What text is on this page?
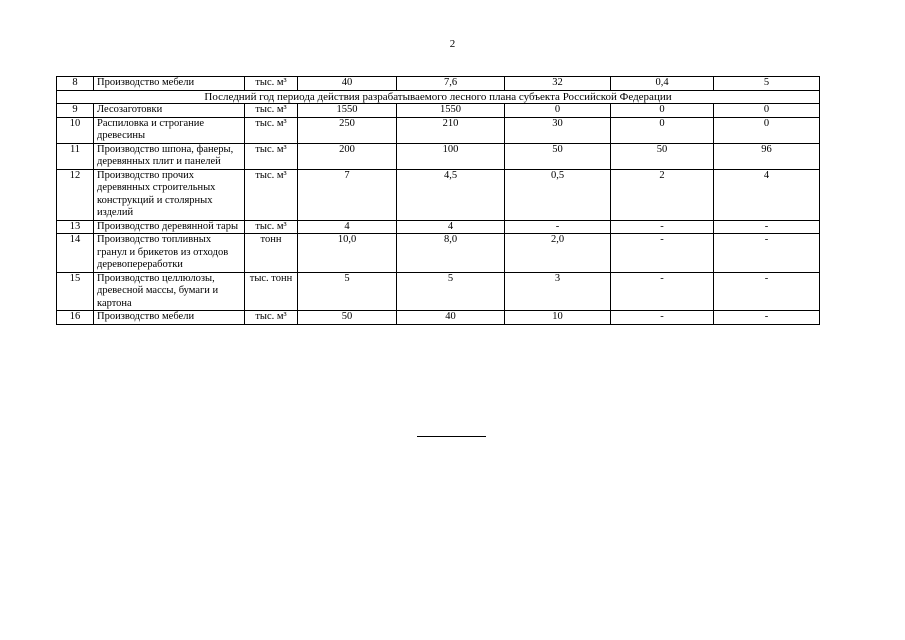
2
8	Производство мебели	тыс. м³	40	7,6	32	0,4	5
Последний год периода действия разрабатываемого лесного плана субъекта Российской Федерации							
9	Лесозаготовки	тыс. м³	1550	1550	0	0	0
10	Распиловка и строгание древесины	тыс. м³	250	210	30	0	0
11	Производство шпона, фанеры, деревянных плит и панелей	тыс. м³	200	100	50	50	96
12	Производство прочих деревянных строительных конструкций и столярных изделий	тыс. м³	7	4,5	0,5	2	4
13	Производство деревянной тары	тыс. м³	4	4	-	-	-
14	Производство топливных гранул и брикетов из отходов деревопереработки	тонн	10,0	8,0	2,0	-	-
15	Производство целлюлозы, древесной массы, бумаги и картона	тыс. тонн	5	5	3	-	-
16	Производство мебели	тыс. м³	50	40	10	-	-
